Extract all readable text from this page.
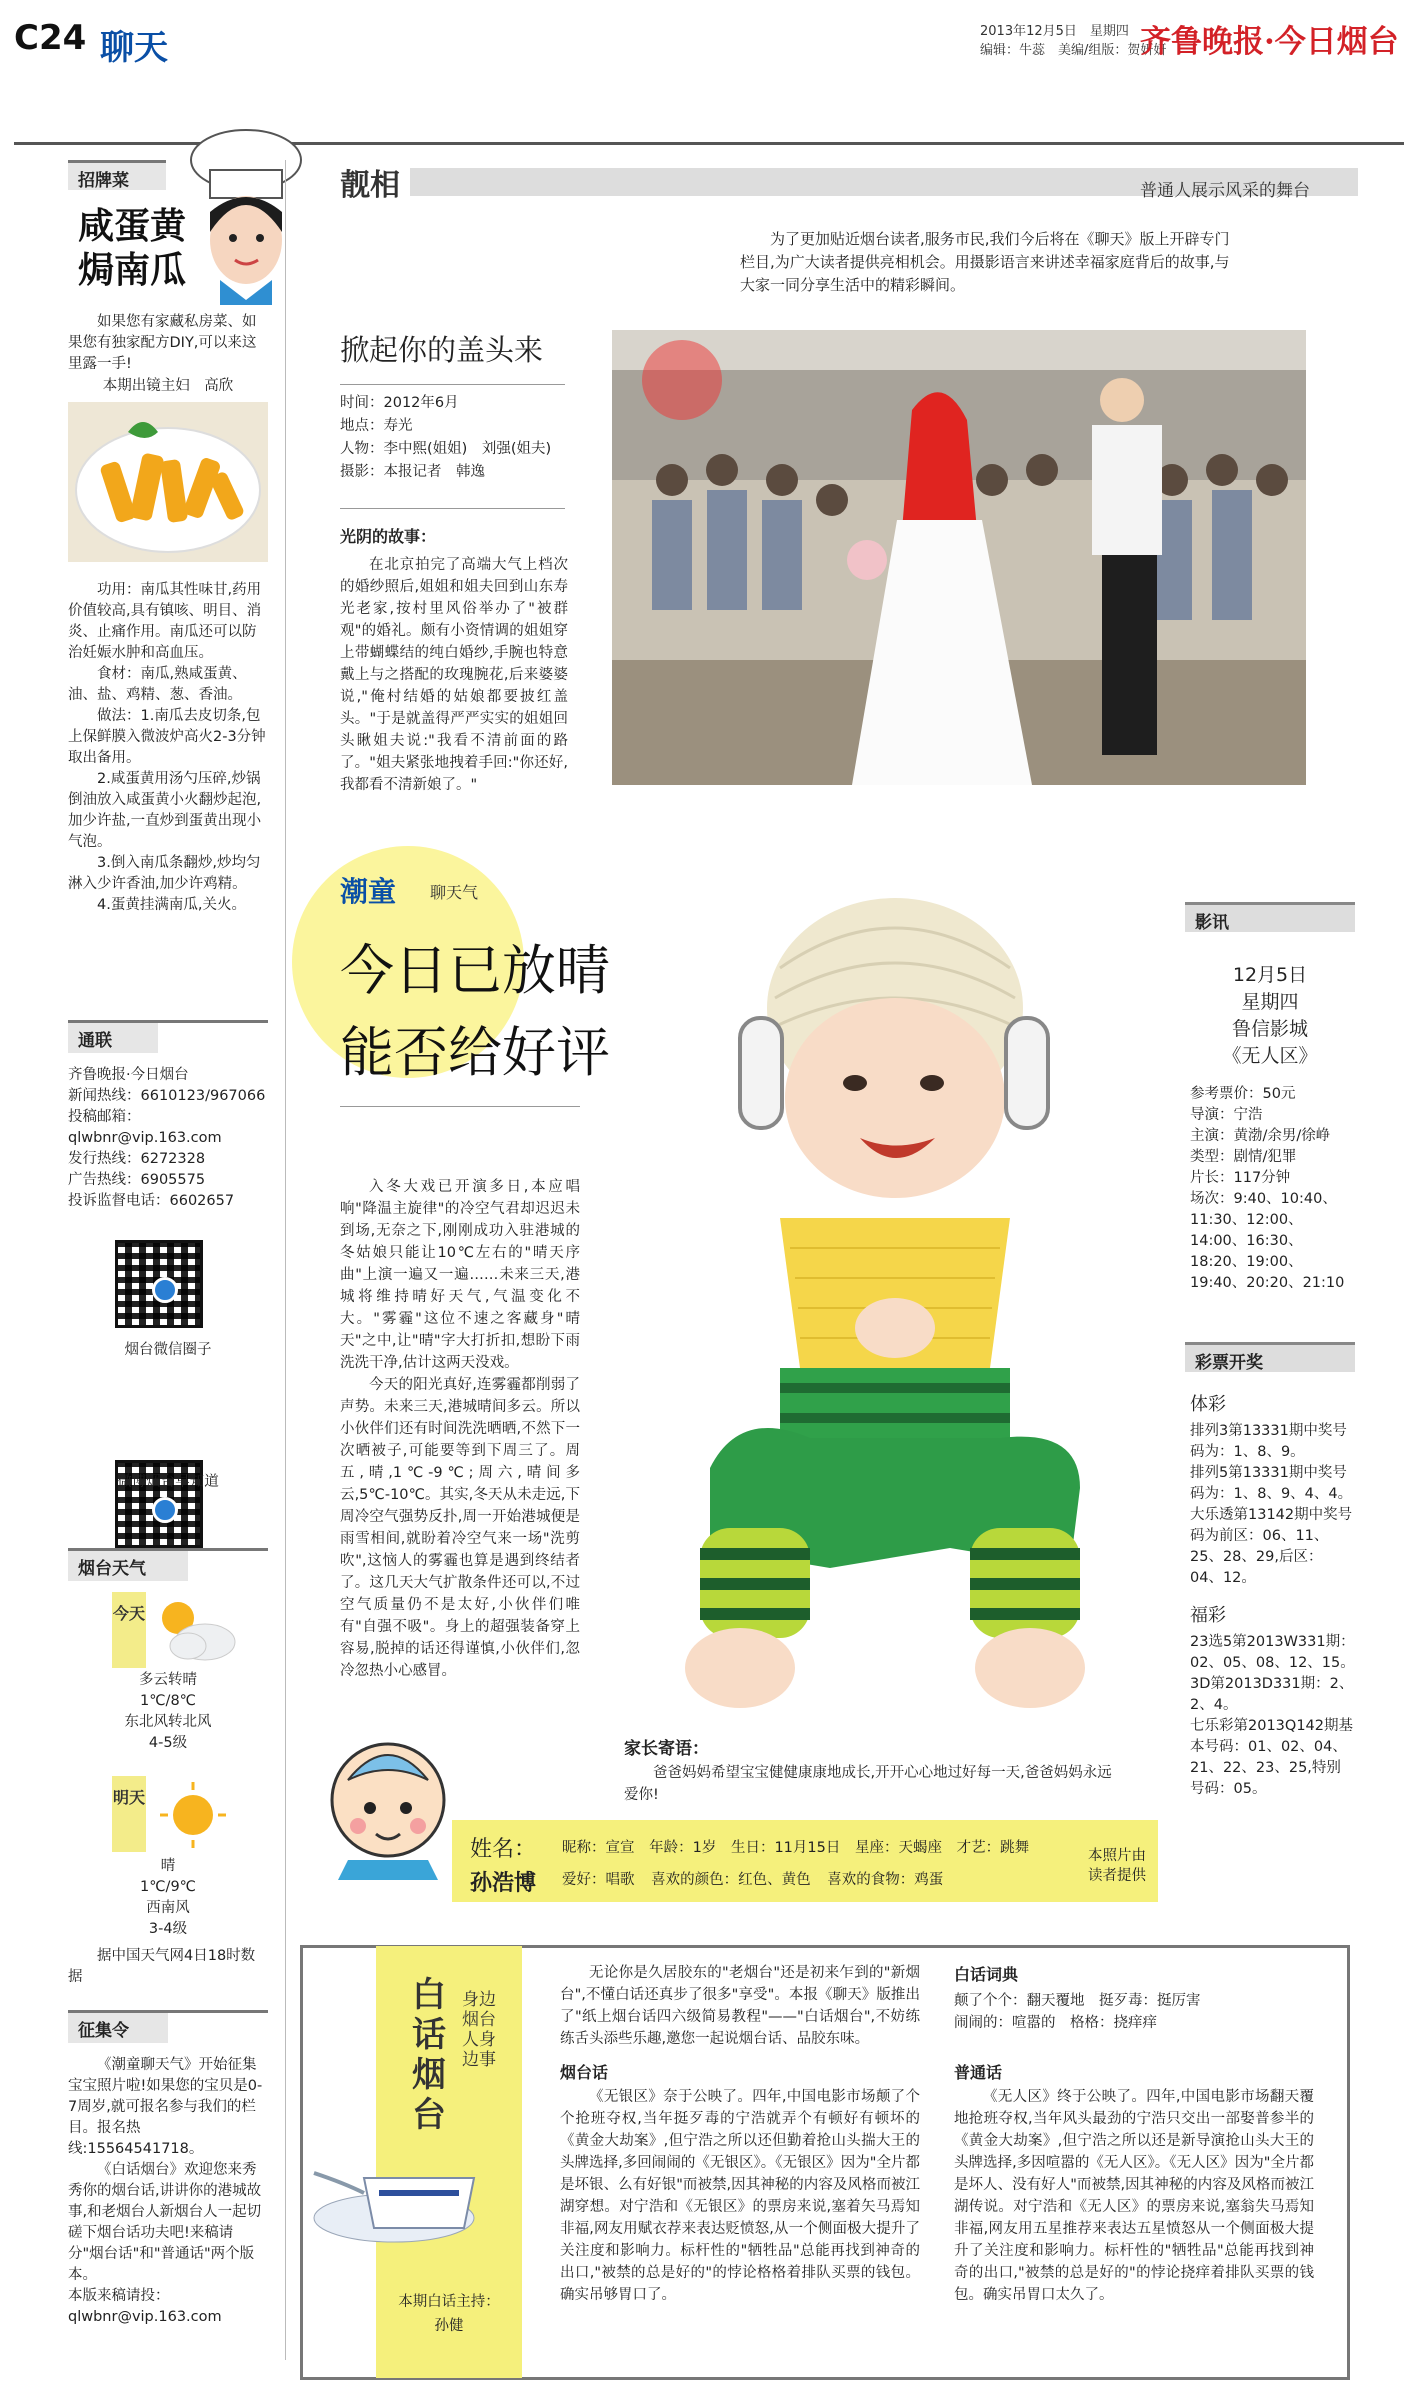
C24 聊天	2013年12月5日　星期四
编辑：牛蕊　美编/组版：贺妍妍
齐鲁晚报·今日烟台
招牌菜
咸蛋黄
焗南瓜

如果您有家藏私房菜、如果您有独家配方DIY,可以来这里露一手!

本期出镜主妇　高欣

功用：南瓜其性味甘,药用价值较高,具有镇咳、明目、消炎、止痛作用。南瓜还可以防治妊娠水肿和高血压。

食材：南瓜,熟咸蛋黄、油、盐、鸡精、葱、香油。

做法：1.南瓜去皮切条,包上保鲜膜入微波炉高火2-3分钟取出备用。

2.咸蛋黄用汤勺压碎,炒锅倒油放入咸蛋黄小火翻炒起泡,加少许盐,一直炒到蛋黄出现小气泡。

3.倒入南瓜条翻炒,炒均匀淋入少许香油,加少许鸡精。

4.蛋黄挂满南瓜,关火。

通联
齐鲁晚报·今日烟台
新闻热线：6610123/967066
投稿邮箱：qlwbnr@vip.163.com
发行热线：6272328
广告热线：6905575
投诉监督电话：6602657
烟台微信圈子
微博烟台早知道
烟台天气
今天
多云转晴
1℃/8℃
东北风转北风
4-5级
明天
晴
1℃/9℃
西南风
3-4级

据中国天气网4日18时数据

征集令

《潮童聊天气》开始征集宝宝照片啦!如果您的宝贝是0-7周岁,就可报名参与我们的栏目。报名热线:15564541718。

《白话烟台》欢迎您来秀秀你的烟台话,讲讲你的港城故事,和老烟台人新烟台人一起切磋下烟台话功夫吧!来稿请分"烟台话"和"普通话"两个版本。

本版来稿请投：

qlwbnr@vip.163.com

靓相	普通人展示风采的舞台

为了更加贴近烟台读者,服务市民,我们今后将在《聊天》版上开辟专门栏目,为广大读者提供亮相机会。用摄影语言来讲述幸福家庭背后的故事,与大家一同分享生活中的精彩瞬间。

掀起你的盖头来
时间：2012年6月
地点：寿光
人物：李中熙(姐姐)　刘强(姐夫)
摄影：本报记者　韩逸
光阴的故事：

在北京拍完了高端大气上档次的婚纱照后,姐姐和姐夫回到山东寿光老家,按村里风俗举办了"被群观"的婚礼。颇有小资情调的姐姐穿上带蝴蝶结的纯白婚纱,手腕也特意戴上与之搭配的玫瑰腕花,后来婆婆说,"俺村结婚的姑娘都要披红盖头。"于是就盖得严严实实的姐姐回头瞅姐夫说:"我看不清前面的路了。"姐夫紧张地拽着手回:"你还好,我都看不清新娘了。"

潮童 聊天气
今日已放晴
能否给好评

入冬大戏已开演多日,本应唱响"降温主旋律"的冷空气君却迟迟未到场,无奈之下,刚刚成功入驻港城的冬姑娘只能让10℃左右的"晴天序曲"上演一遍又一遍……未来三天,港城将维持晴好天气,气温变化不大。"雾霾"这位不速之客藏身"晴天"之中,让"晴"字大打折扣,想盼下雨洗洗干净,估计这两天没戏。

今天的阳光真好,连雾霾都削弱了声势。未来三天,港城晴间多云。所以小伙伴们还有时间洗洗晒晒,不然下一次晒被子,可能要等到下周三了。周五,晴,1℃-9℃;周六,晴间多云,5℃-10℃。其实,冬天从未走远,下周冷空气强势反扑,周一开始港城便是雨雪相间,就盼着冷空气来一场"洗剪吹",这恼人的雾霾也算是遇到终结者了。这几天大气扩散条件还可以,不过空气质量仍不是太好,小伙伴们唯有"自强不吸"。身上的超强装备穿上容易,脱掉的话还得谨慎,小伙伴们,忽冷忽热小心感冒。

家长寄语：

爸爸妈妈希望宝宝健健康康地成长,开开心心地过好每一天,爸爸妈妈永远爱你!

姓名：
孙浩博
昵称：宣宣 年龄：1岁 生日：11月15日 星座：天蝎座 才艺：跳舞
爱好：唱歌 喜欢的颜色：红色、黄色 喜欢的食物：鸡蛋
本照片由读者提供
影讯
12月5日
星期四
鲁信影城
《无人区》
参考票价：50元
导演：宁浩
主演：黄渤/余男/徐峥
类型：剧情/犯罪
片长：117分钟
场次：9:40、10:40、11:30、12:00、14:00、16:30、18:20、19:00、19:40、20:20、21:10
彩票开奖
体彩
排列3第13331期中奖号码为：1、8、9。
排列5第13331期中奖号码为：1、8、9、4、4。
大乐透第13142期中奖号码为前区：06、11、25、28、29,后区：04、12。
福彩
23选5第2013W331期：02、05、08、12、15。
3D第2013D331期：2、2、4。
七乐彩第2013Q142期基本号码：01、02、04、21、22、23、25,特别号码：05。
白话烟台
身边烟台人身边事
本期白话主持：
孙健

无论你是久居胶东的"老烟台"还是初来乍到的"新烟台",不懂白话还真步了很多"享受"。本报《聊天》版推出了"纸上烟台话四六级简易教程"——"白话烟台",不妨练练舌头添些乐趣,邀您一起说烟台话、品胶东味。

烟台话

《无银区》奈于公映了。四年,中国电影市场颠了个个抢班夺权,当年挺歹毒的宁浩就弄个有顿好有顿坏的《黄金大劫案》,但宁浩之所以还但勤着抢山头揣大王的头牌选择,多回闹闹的《无银区》。《无银区》因为"全片都是坏银、么有好银"而被禁,因其神秘的内容及风格而被江湖穿想。对宁浩和《无银区》的票房来说,塞着矢马焉知非福,网友用赋衣荐来表达贬愤怒,从一个侧面极大提升了关注度和影响力。标杆性的"牺牲品"总能再找到神奇的出口,"被禁的总是好的"的悖论格格着排队买票的钱包。确实吊够胃口了。

白话词典
颠了个个：翻天覆地　挺歹毒：挺厉害
闹闹的：喧嚣的　格格：挠痒痒
普通话

《无人区》终于公映了。四年,中国电影市场翻天覆地抢班夺权,当年风头最劲的宁浩只交出一部娶普参半的《黄金大劫案》,但宁浩之所以还是新导演抢山头大王的头牌选择,多因喧嚣的《无人区》。《无人区》因为"全片都是坏人、没有好人"而被禁,因其神秘的内容及风格而被江湖传说。对宁浩和《无人区》的票房来说,塞翁失马焉知非福,网友用五星推荐来表达五星愤怒从一个侧面极大提升了关注度和影响力。标杆性的"牺牲品"总能再找到神奇的出口,"被禁的总是好的"的悖论挠痒着排队买票的钱包。确实吊胃口太久了。
